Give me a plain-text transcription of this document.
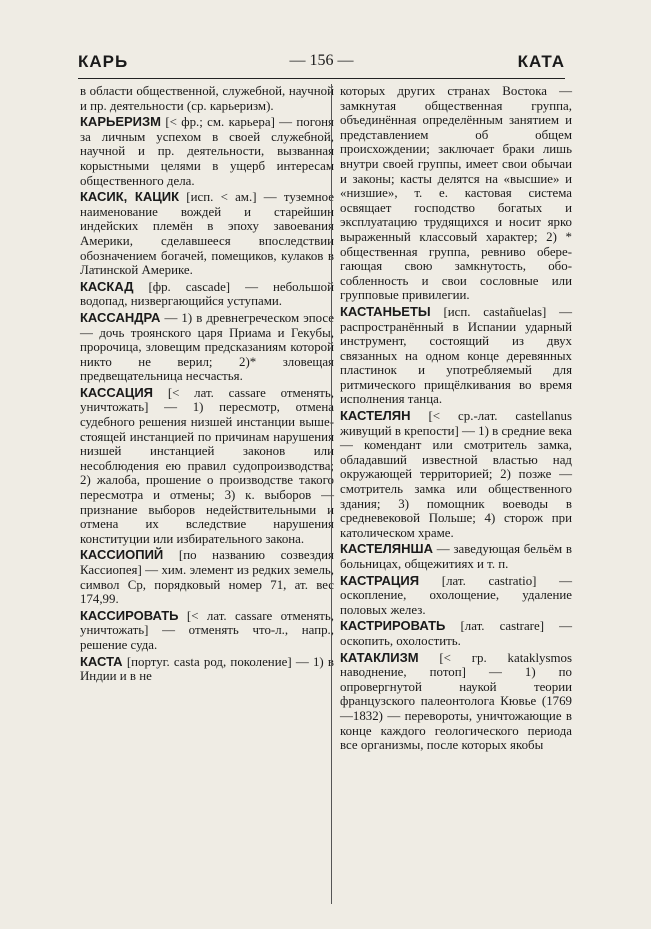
КАРЬ	— 156 —	КАТА

в области общественной, служебной, научной и пр. деятельности (ср. карьеризм).

КАРЬЕРИЗМ [< фр.; см. карьера] — погоня за личным успехом в своей служебной, научной и пр. деятельности, вызванная корыстными целями в ущерб интересам общественного дела.

КАСИК, КАЦИК [исп. < ам.] — туземное наименование вождей и старейшин индейских племён в эпоху завоевания Америки, сделавшееся впоследствии обозначением богачей, помещиков, кулаков в Латинской Америке.

КАСКАД [фр. cascade] — небольшой водопад, низвергающийся уступами.

КАССАНДРА — 1) в древнегреческом эпосе — дочь троянского царя Приама и Гекубы, пророчица, зловещим предсказаниям которой никто не верил; 2)* зловещая предвещательница несчастья.

КАССАЦИЯ [< лат. cassare отменять, уничтожать] — 1) пересмотр, отмена судебного решения низшей инстанции вышестоящей инстанцией по причинам нарушения низшей инстанцией законов или несоблюдения ею правил судопроизводства; 2) жалоба, прошение о производстве такого пересмотра и отмены; 3) к. выборов — признание выборов недействительными и отмена их вследствие нарушения конституции или избирательного закона.

КАССИОПИЙ [по названию созвездия Кассиопея] — хим. элемент из редких земель, символ Ср, порядковый номер 71, ат. вес 174,99.

КАССИРОВАТЬ [< лат. cassare отменять, уничтожать] — отменять что-л., напр., решение суда.

КАСТА [португ. casta род, поколение] — 1) в Индии и в не

которых других странах Востока — замкнутая общественная группа, объединённая определённым занятием и представлением об общем происхождении; заключает браки лишь внутри своей группы, имеет свои обычаи и законы; касты делятся на «высшие» и «низшие», т. е. кастовая система освящает господство богатых и эксплуатацию трудящихся и носит ярко выраженный классовый характер; 2) * общественная группа, ревниво оберегающая свою замкнутость, обособленность и свои сословные или групповые привилегии.

КАСТАНЬЕТЫ [исп. castañuelas] — распространённый в Испании ударный инструмент, состоящий из двух связанных на одном конце деревянных пластинок и употребляемый для ритмического прищёлкивания во время исполнения танца.

КАСТЕЛЯН [< ср.-лат. castellanus живущий в крепости] — 1) в средние века — комендант или смотритель замка, обладавший известной властью над окружающей территорией; 2) позже — смотритель замка или общественного здания; 3) помощник воеводы в средневековой Польше; 4) сторож при католическом храме.

КАСТЕЛЯНША — заведующая бельём в больницах, общежитиях и т. п.

КАСТРАЦИЯ [лат. castratio] — оскопление, охолощение, удаление половых желез.

КАСТРИРОВАТЬ [лат. castrare] — оскопить, охолостить.

КАТАКЛИЗМ [< гр. kataklysmos наводнение, потоп] — 1) по опровергнутой наукой теории французского палеонтолога Кювье (1769—1832) — перевороты, уничтожающие в конце каждого геологического периода все организмы, после которых якобы
